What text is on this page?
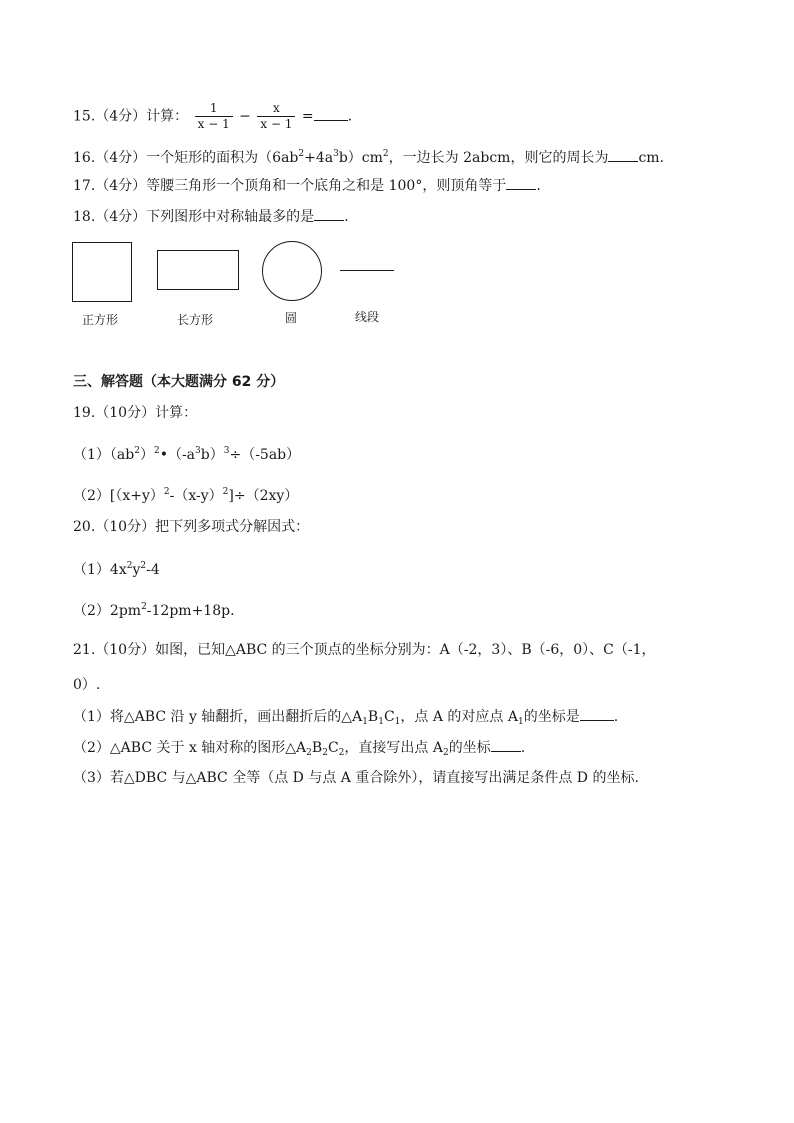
15.（4分）计算： $\frac{1}{x - 1} - \frac{x}{x - 1}$ = .
16.（4分）一个矩形的面积为$(6ab^2+4a^3b)cm^2$，一边长为 2abcm，则它的周长为 cm.
17.（4分）等腰三角形一个顶角和一个底角之和是 100°，则顶角等于 .
18.（4分）下列图形中对称轴最多的是 .
正方形	长方形	圆	线段
三、解答题（本大题满分 62 分）
19.（10分）计算：
$(1)(ab^2)^2•(-a^3b)^3\div(-5ab)$
$(2)[(x+y)^2-(x-y)^2]\div(2xy)$
20.（10分）把下列多项式分解因式：
$(1)4x^2y^2-4$
$(2)2pm^2-12pm+18p$.
21.（10分）如图，已知△ABC 的三个顶点的坐标分别为：A（-2，3）、B（-6，0）、C（-1，
0）.
（1）将△ABC 沿 y 轴翻折，画出翻折后的$\triangle A_1B_1C_1$，点 A 的对应点 $A_1$的坐标是 .
（2）△ABC 关于 x 轴对称的图形$\triangle A_2B_2C_2$，直接写出点 $A_2$的坐标 .
（3）若△DBC 与△ABC 全等（点 D 与点 A 重合除外），请直接写出满足条件点 D 的坐标.
